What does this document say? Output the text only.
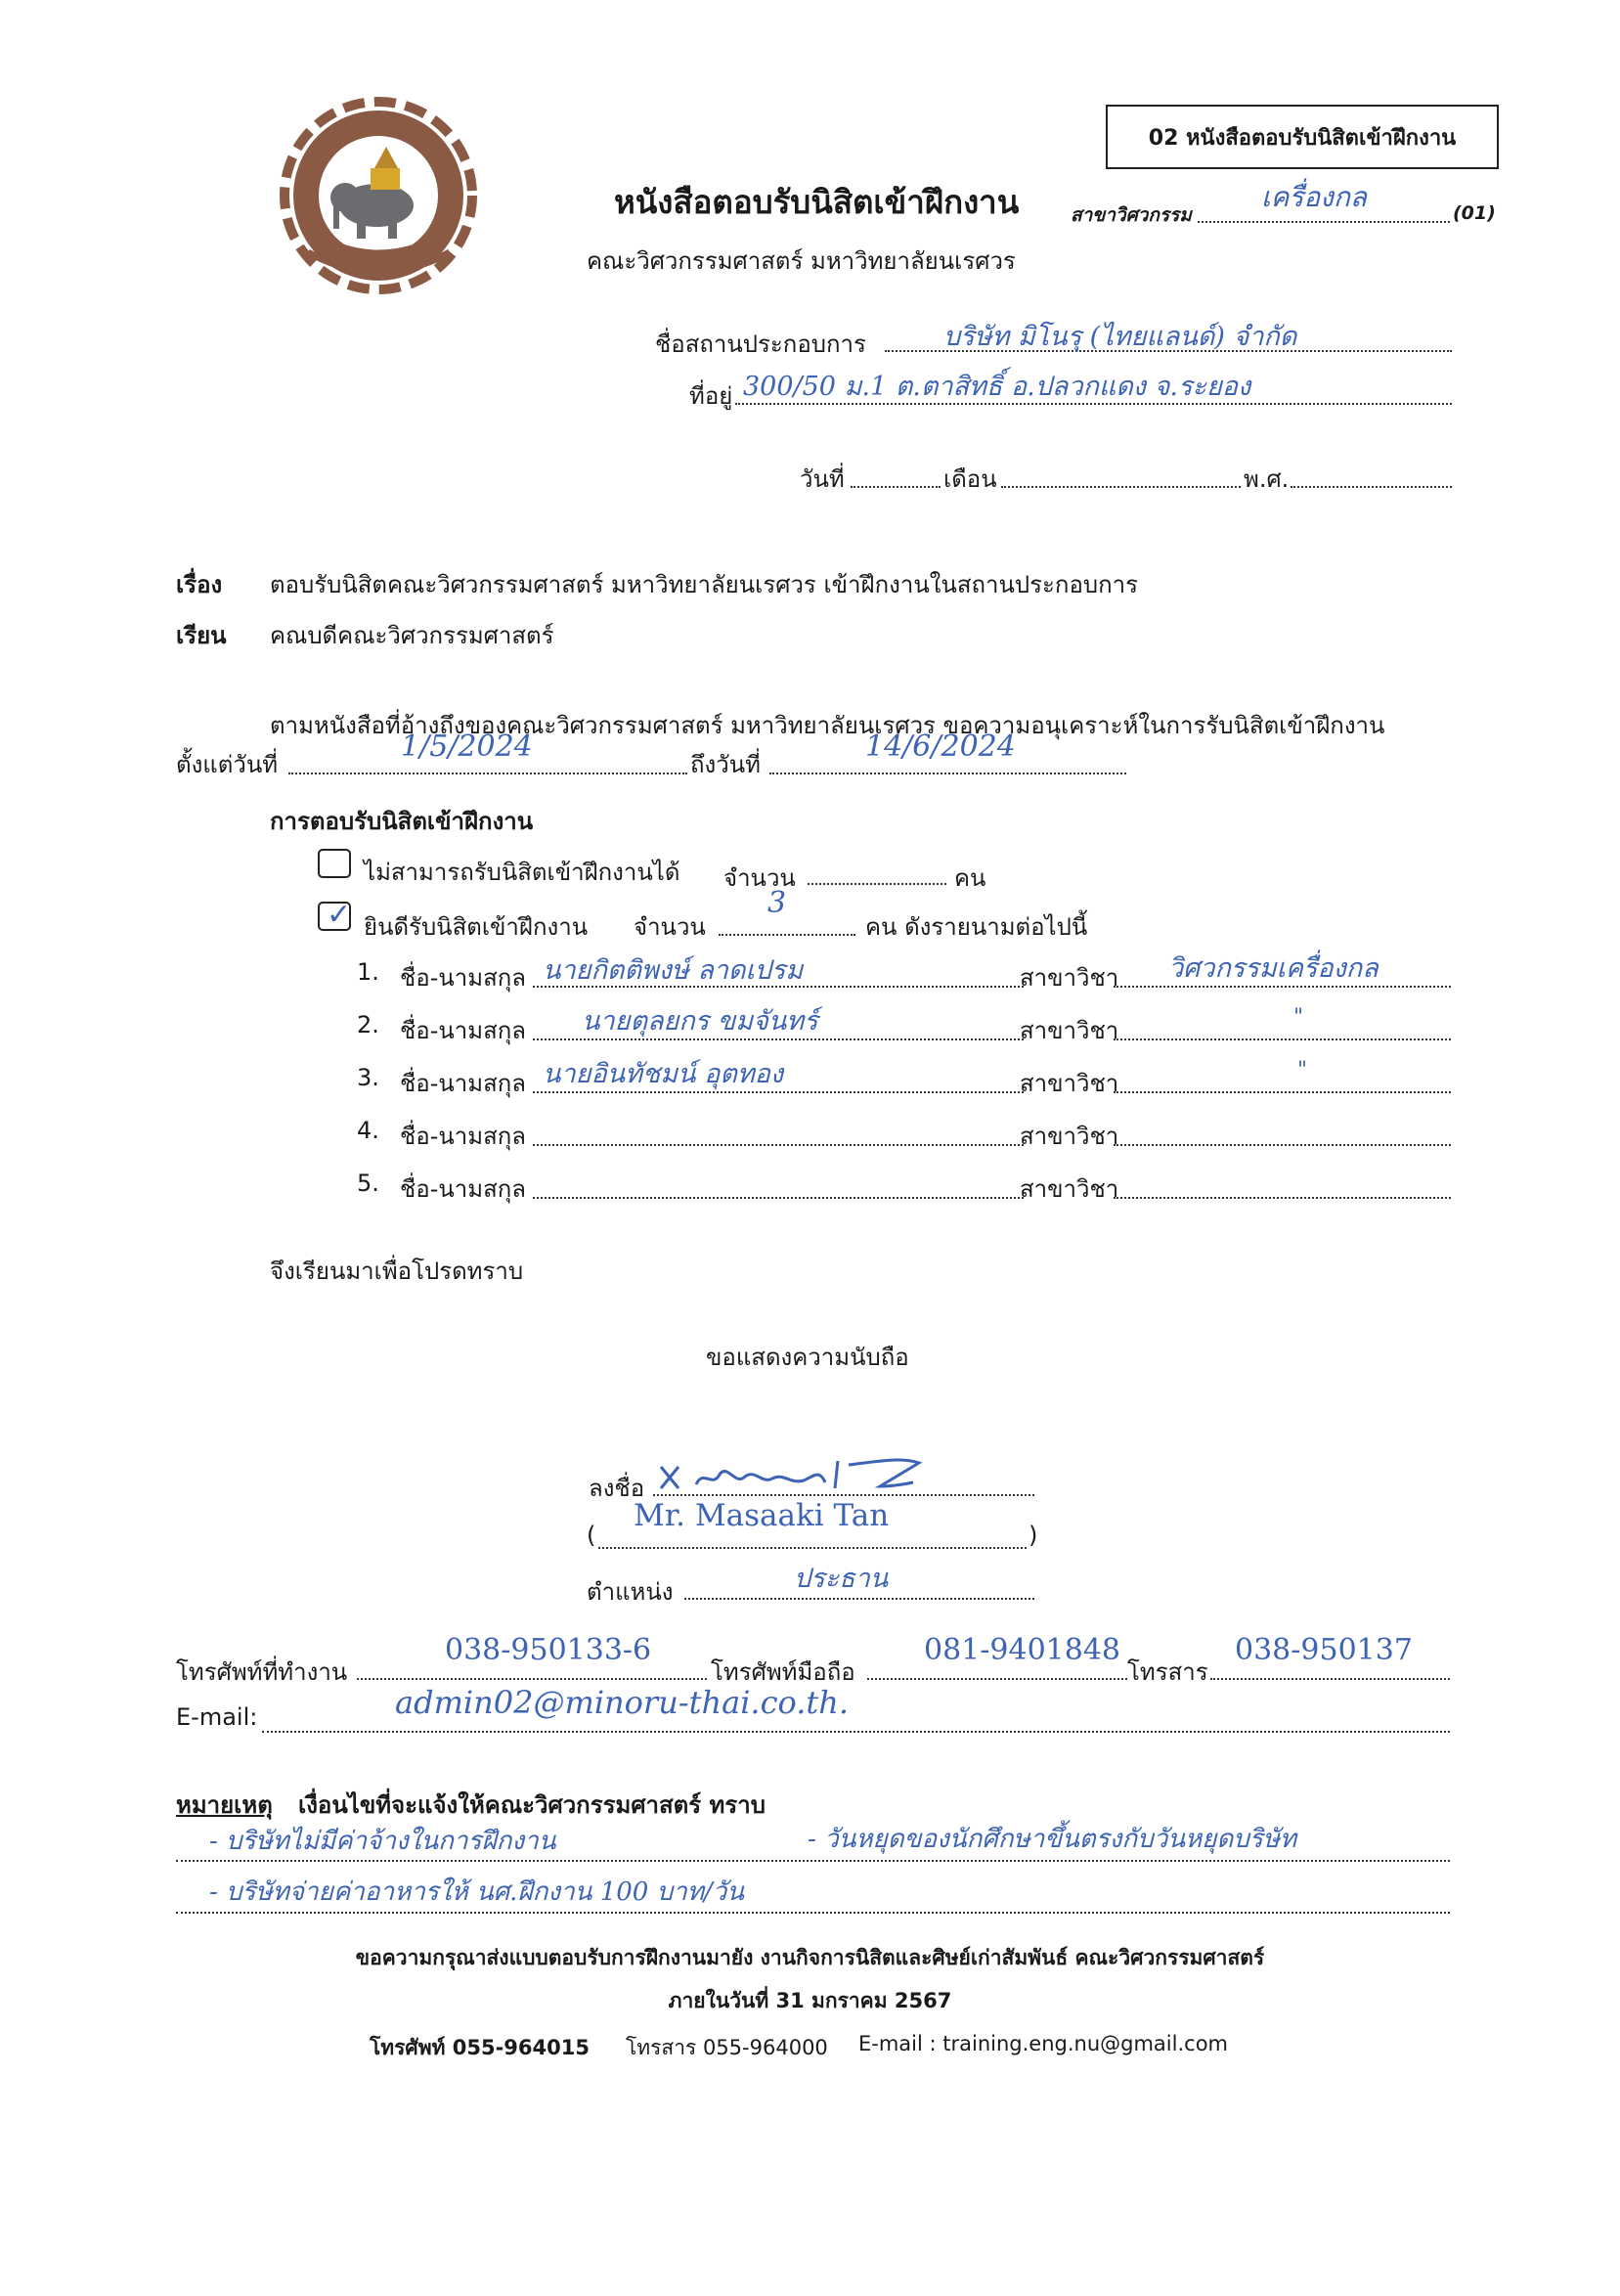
02 หนังสือตอบรับนิสิตเข้าฝึกงาน
หนังสือตอบรับนิสิตเข้าฝึกงาน
คณะวิศวกรรมศาสตร์ มหาวิทยาลัยนเรศวร
สาขาวิศวกรรม
เครื่องกล	(01)
ชื่อสถานประกอบการ	บริษัท มิโนรุ (ไทยแลนด์) จำกัด
ที่อยู่ 300/50 ม.1 ต.ตาสิทธิ์ อ.ปลวกแดง จ.ระยอง
วันที่	เดือน	พ.ศ.
เรื่อง ตอบรับนิสิตคณะวิศวกรรมศาสตร์ มหาวิทยาลัยนเรศวร เข้าฝึกงานในสถานประกอบการ
เรียน คณบดีคณะวิศวกรรมศาสตร์
ตามหนังสือที่อ้างถึงของคณะวิศวกรรมศาสตร์ มหาวิทยาลัยนเรศวร ขอความอนุเคราะห์ในการรับนิสิตเข้าฝึกงาน
ตั้งแต่วันที่
1/5/2024
ถึงวันที่
14/6/2024
การตอบรับนิสิตเข้าฝึกงาน
ไม่สามารถรับนิสิตเข้าฝึกงานได้ จำนวน	คน
✓ ยินดีรับนิสิตเข้าฝึกงาน จำนวน
3
คน ดังรายนามต่อไปนี้
1. ชื่อ-นามสกุล นายกิตติพงษ์ ลาดเปรม	สาขาวิชา วิศวกรรมเครื่องกล
2. ชื่อ-นามสกุล นายตุลยกร ขมจันทร์	สาขาวิชา	"
3. ชื่อ-นามสกุล นายอินทัชมน์ อุตทอง	สาขาวิชา	"
4. ชื่อ-นามสกุล	สาขาวิชา
5. ชื่อ-นามสกุล	สาขาวิชา
จึงเรียนมาเพื่อโปรดทราบ
ขอแสดงความนับถือ
ลงชื่อ
(
Mr. Masaaki Tan
)
ตำแหน่ง	ประธาน
โทรศัพท์ที่ทำงาน
038-950133-6
โทรศัพท์มือถือ
081-9401848
โทรสาร
038-950137
E-mail:	admin02@minoru-thai.co.th.
หมายเหตุ เงื่อนไขที่จะแจ้งให้คณะวิศวกรรมศาสตร์ ทราบ
- บริษัทไม่มีค่าจ้างในการฝึกงาน	- วันหยุดของนักศึกษาขึ้นตรงกับวันหยุดบริษัท
- บริษัทจ่ายค่าอาหารให้ นศ.ฝึกงาน 100 บาท/วัน
ขอความกรุณาส่งแบบตอบรับการฝึกงานมายัง งานกิจการนิสิตและศิษย์เก่าสัมพันธ์ คณะวิศวกรรมศาสตร์
ภายในวันที่ 31 มกราคม 2567
โทรศัพท์ 055-964015 โทรสาร 055-964000 E-mail : training.eng.nu@gmail.com
